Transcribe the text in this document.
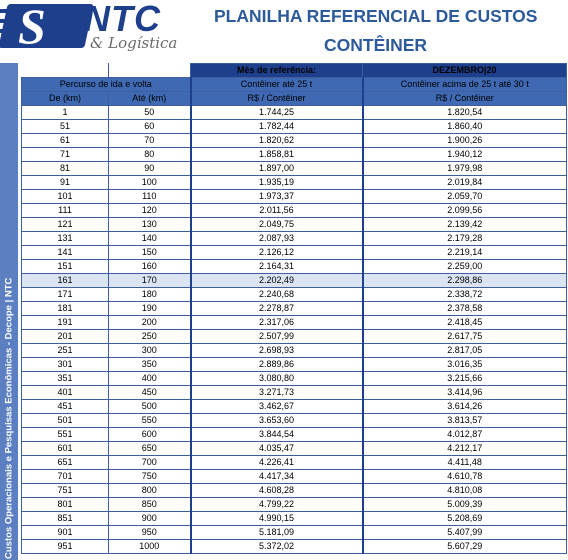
S NTC
& Logística
PLANILHA REFERENCIAL DE CUSTOS
CONTÊINER
Custos Operacionais e Pesquisas Econômicas - Decope | NTC
		Mês de referência:	DEZEMBRO|20
Percurso de ida e volta		Contêiner até 25 t	Contêiner acima de 25 t até 30 t
De (km)	Até (km)	R$ / Contêiner	R$ / Contêiner
1	50	1.744,25	1.820,54
51	60	1.782,44	1.860,40
61	70	1.820,62	1.900,26
71	80	1.858,81	1.940,12
81	90	1.897,00	1.979,98
91	100	1.935,19	2.019,84
101	110	1.973,37	2.059,70
111	120	2.011,56	2.099,56
121	130	2.049,75	2.139,42
131	140	2.087,93	2.179,28
141	150	2.126,12	2.219,14
151	160	2.164,31	2.259,00
161	170	2.202,49	2.298,86
171	180	2.240,68	2.338,72
181	190	2.278,87	2.378,58
191	200	2.317,06	2.418,45
201	250	2.507,99	2.617,75
251	300	2.698,93	2.817,05
301	350	2.889,86	3.016,35
351	400	3.080,80	3.215,66
401	450	3.271,73	3.414,96
451	500	3.462,67	3.614,26
501	550	3.653,60	3.813,57
551	600	3.844,54	4.012,87
601	650	4.035,47	4.212,17
651	700	4.226,41	4.411,48
701	750	4.417,34	4.610,78
751	800	4.608,28	4.810,08
801	850	4.799,22	5.009,39
851	900	4.990,15	5.208,69
901	950	5.181,09	5.407,99
951	1000	5.372,02	5.607,29
